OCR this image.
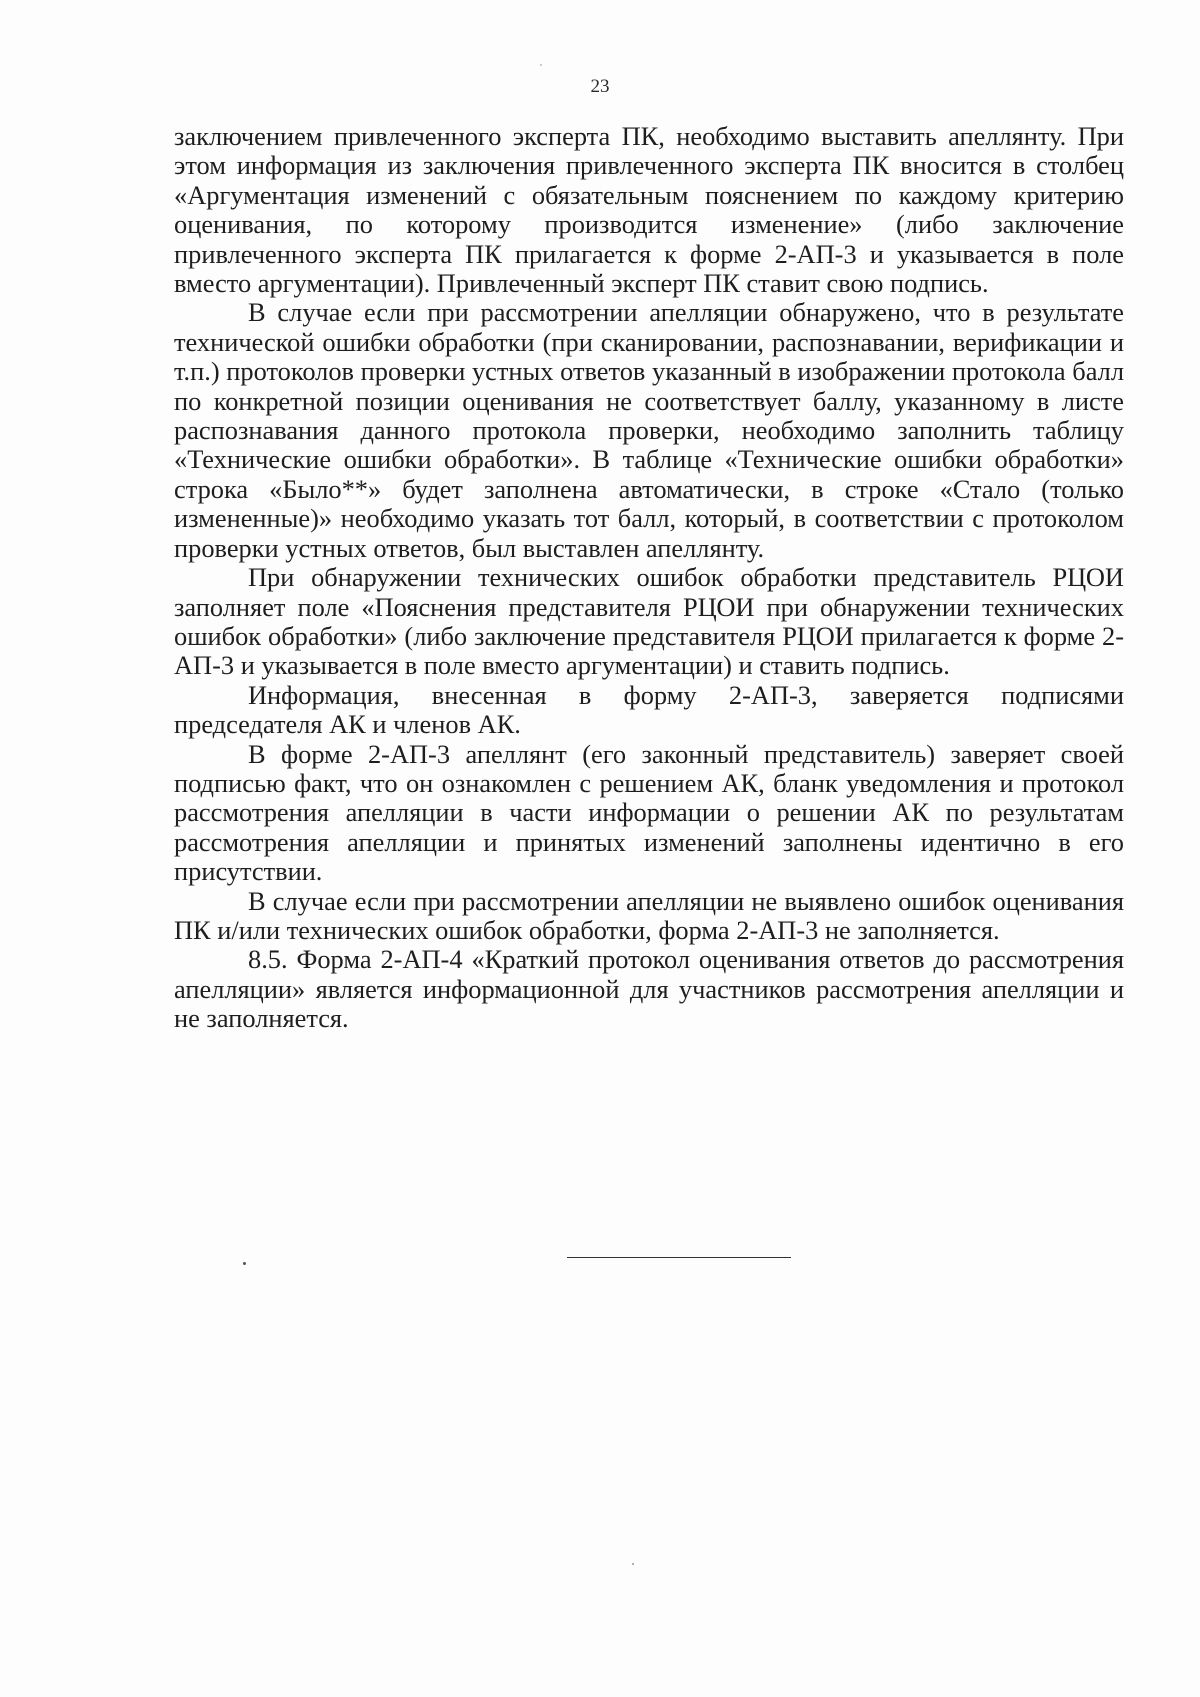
23

заключением привлеченного эксперта ПК, необходимо выставить апеллянту. При этом информация из заключения привлеченного эксперта ПК вносится в столбец «Аргументация изменений с обязательным пояснением по каждому критерию оценивания, по которому производится изменение» (либо заключение привлеченного эксперта ПК прилагается к форме 2-АП-3 и указывается в поле вместо аргументации). Привлеченный эксперт ПК ставит свою подпись.

В случае если при рассмотрении апелляции обнаружено, что в результате технической ошибки обработки (при сканировании, распознавании, верификации и т.п.) протоколов проверки устных ответов указанный в изображении протокола балл по конкретной позиции оценивания не соответствует баллу, указанному в листе распознавания данного протокола проверки, необходимо заполнить таблицу «Технические ошибки обработки». В таблице «Технические ошибки обработки» строка «Было**» будет заполнена автоматически, в строке «Стало (только измененные)» необходимо указать тот балл, который, в соответствии с протоколом проверки устных ответов, был выставлен апеллянту.

При обнаружении технических ошибок обработки представитель РЦОИ заполняет поле «Пояснения представителя РЦОИ при обнаружении технических ошибок обработки» (либо заключение представителя РЦОИ прилагается к форме 2-АП-3 и указывается в поле вместо аргументации) и ставить подпись.

Информация, внесенная в форму 2-АП-3, заверяется подписями председателя АК и членов АК.

В форме 2-АП-3 апеллянт (его законный представитель) заверяет своей подписью факт, что он ознакомлен с решением АК, бланк уведомления и протокол рассмотрения апелляции в части информации о решении АК по результатам рассмотрения апелляции и принятых изменений заполнены идентично в его присутствии.

В случае если при рассмотрении апелляции не выявлено ошибок оценивания ПК и/или технических ошибок обработки, форма 2-АП-3 не заполняется.

8.5. Форма 2-АП-4 «Краткий протокол оценивания ответов до рассмотрения апелляции» является информационной для участников рассмотрения апелляции и не заполняется.
